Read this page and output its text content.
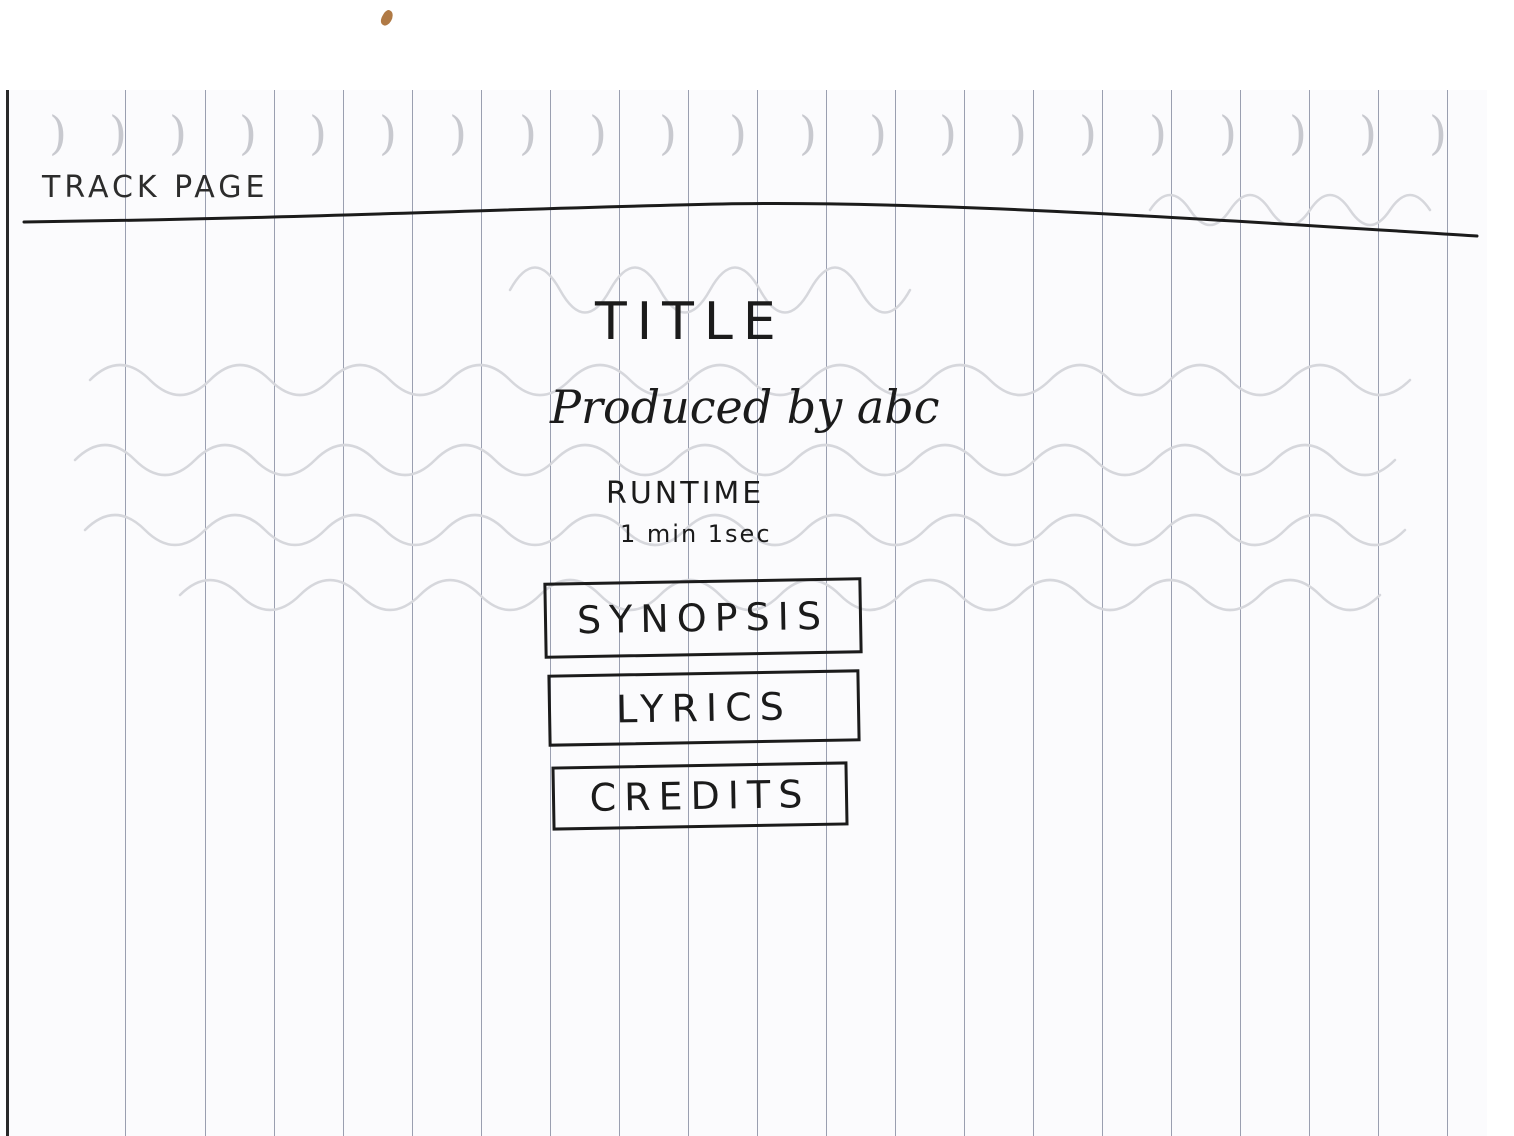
) ) ) ) ) ) ) ) ) ) ) ) ) ) ) ) ) ) ) ) )
TRACK PAGE
TITLE
Produced by abc
RUNTIME
1 min 1sec
SYNOPSIS
LYRICS
CREDITS
